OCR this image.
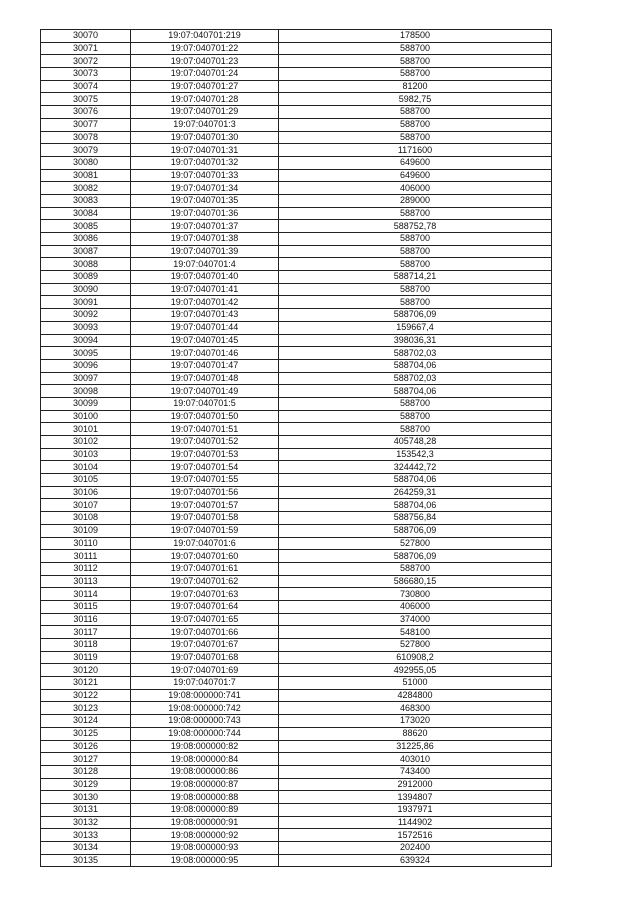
30070	19:07:040701:219	178500
30071	19:07:040701:22	588700
30072	19:07:040701:23	588700
30073	19:07:040701:24	588700
30074	19:07:040701:27	81200
30075	19:07:040701:28	5982,75
30076	19:07:040701:29	588700
30077	19:07:040701:3	588700
30078	19:07:040701:30	588700
30079	19:07:040701:31	1171600
30080	19:07:040701:32	649600
30081	19:07:040701:33	649600
30082	19:07:040701:34	406000
30083	19:07:040701:35	289000
30084	19:07:040701:36	588700
30085	19:07:040701:37	588752,78
30086	19:07:040701:38	588700
30087	19:07:040701:39	588700
30088	19:07:040701:4	588700
30089	19:07:040701:40	588714,21
30090	19:07:040701:41	588700
30091	19:07:040701:42	588700
30092	19:07:040701:43	588706,09
30093	19:07:040701:44	159667,4
30094	19:07:040701:45	398036,31
30095	19:07:040701:46	588702,03
30096	19:07:040701:47	588704,06
30097	19:07:040701:48	588702,03
30098	19:07:040701:49	588704,06
30099	19:07:040701:5	588700
30100	19:07:040701:50	588700
30101	19:07:040701:51	588700
30102	19:07:040701:52	405748,28
30103	19:07:040701:53	153542,3
30104	19:07:040701:54	324442,72
30105	19:07:040701:55	588704,06
30106	19:07:040701:56	264259,31
30107	19:07:040701:57	588704,06
30108	19:07:040701:58	588756,84
30109	19:07:040701:59	588706,09
30110	19:07:040701:6	527800
30111	19:07:040701:60	588706,09
30112	19:07:040701:61	588700
30113	19:07:040701:62	586680,15
30114	19:07:040701:63	730800
30115	19:07:040701:64	406000
30116	19:07:040701:65	374000
30117	19:07:040701:66	548100
30118	19:07:040701:67	527800
30119	19:07:040701:68	610908,2
30120	19:07:040701:69	492955,05
30121	19:07:040701:7	51000
30122	19:08:000000:741	4284800
30123	19:08:000000:742	468300
30124	19:08:000000:743	173020
30125	19:08:000000:744	88620
30126	19:08:000000:82	31225,86
30127	19:08:000000:84	403010
30128	19:08:000000:86	743400
30129	19:08:000000:87	2912000
30130	19:08:000000:88	1394807
30131	19:08:000000:89	1937971
30132	19:08:000000:91	1144902
30133	19:08:000000:92	1572516
30134	19:08:000000:93	202400
30135	19:08:000000:95	639324
